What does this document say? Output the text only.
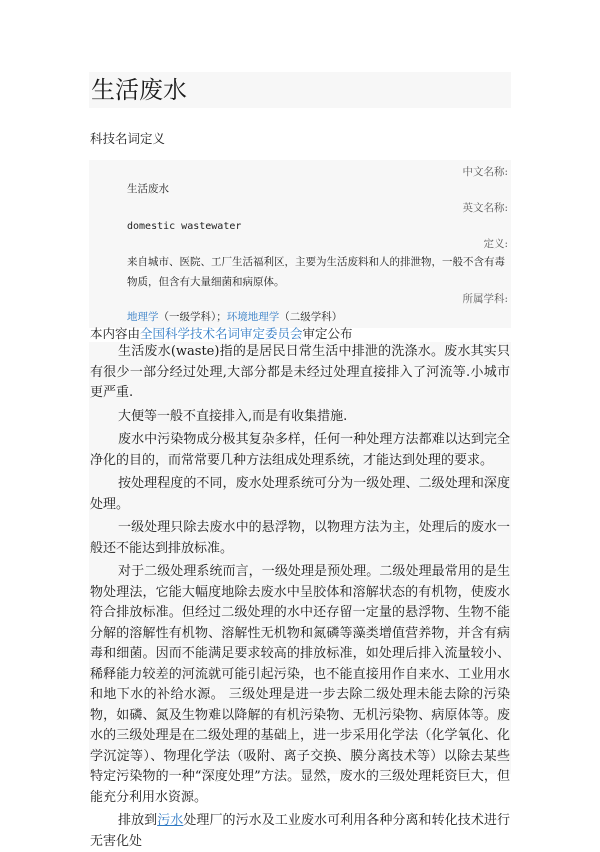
生活废水
科技名词定义
中文名称:
生活废水
英文名称:
domestic wastewater
定义:
来自城市、医院、工厂生活福利区，主要为生活废料和人的排泄物，一般不含有毒物质，但含有大量细菌和病原体。
所属学科:
地理学（一级学科）；环境地理学（二级学科）
本内容由全国科学技术名词审定委员会审定公布

生活废水(waste)指的是居民日常生活中排泄的洗涤水。废水其实只有很少一部分经过处理,大部分都是未经过处理直接排入了河流等.小城市更严重.

大便等一般不直接排入,而是有收集措施.

废水中污染物成分极其复杂多样，任何一种处理方法都难以达到完全净化的目的，而常常要几种方法组成处理系统，才能达到处理的要求。

按处理程度的不同，废水处理系统可分为一级处理、二级处理和深度处理。

一级处理只除去废水中的悬浮物，以物理方法为主，处理后的废水一般还不能达到排放标准。

对于二级处理系统而言，一级处理是预处理。二级处理最常用的是生物处理法，它能大幅度地除去废水中呈胶体和溶解状态的有机物，使废水符合排放标准。但经过二级处理的水中还存留一定量的悬浮物、生物不能分解的溶解性有机物、溶解性无机物和氮磷等藻类增值营养物，并含有病毒和细菌。因而不能满足要求较高的排放标准，如处理后排入流量较小、稀释能力较差的河流就可能引起污染，也不能直接用作自来水、工业用水和地下水的补给水源。 三级处理是进一步去除二级处理未能去除的污染物，如磷、氮及生物难以降解的有机污染物、无机污染物、病原体等。废水的三级处理是在二级处理的基础上，进一步采用化学法（化学氧化、化学沉淀等）、物理化学法（吸附、离子交换、膜分离技术等）以除去某些特定污染物的一种“深度处理”方法。显然，废水的三级处理耗资巨大，但能充分利用水资源。

排放到污水处理厂的污水及工业废水可利用各种分离和转化技术进行无害化处
